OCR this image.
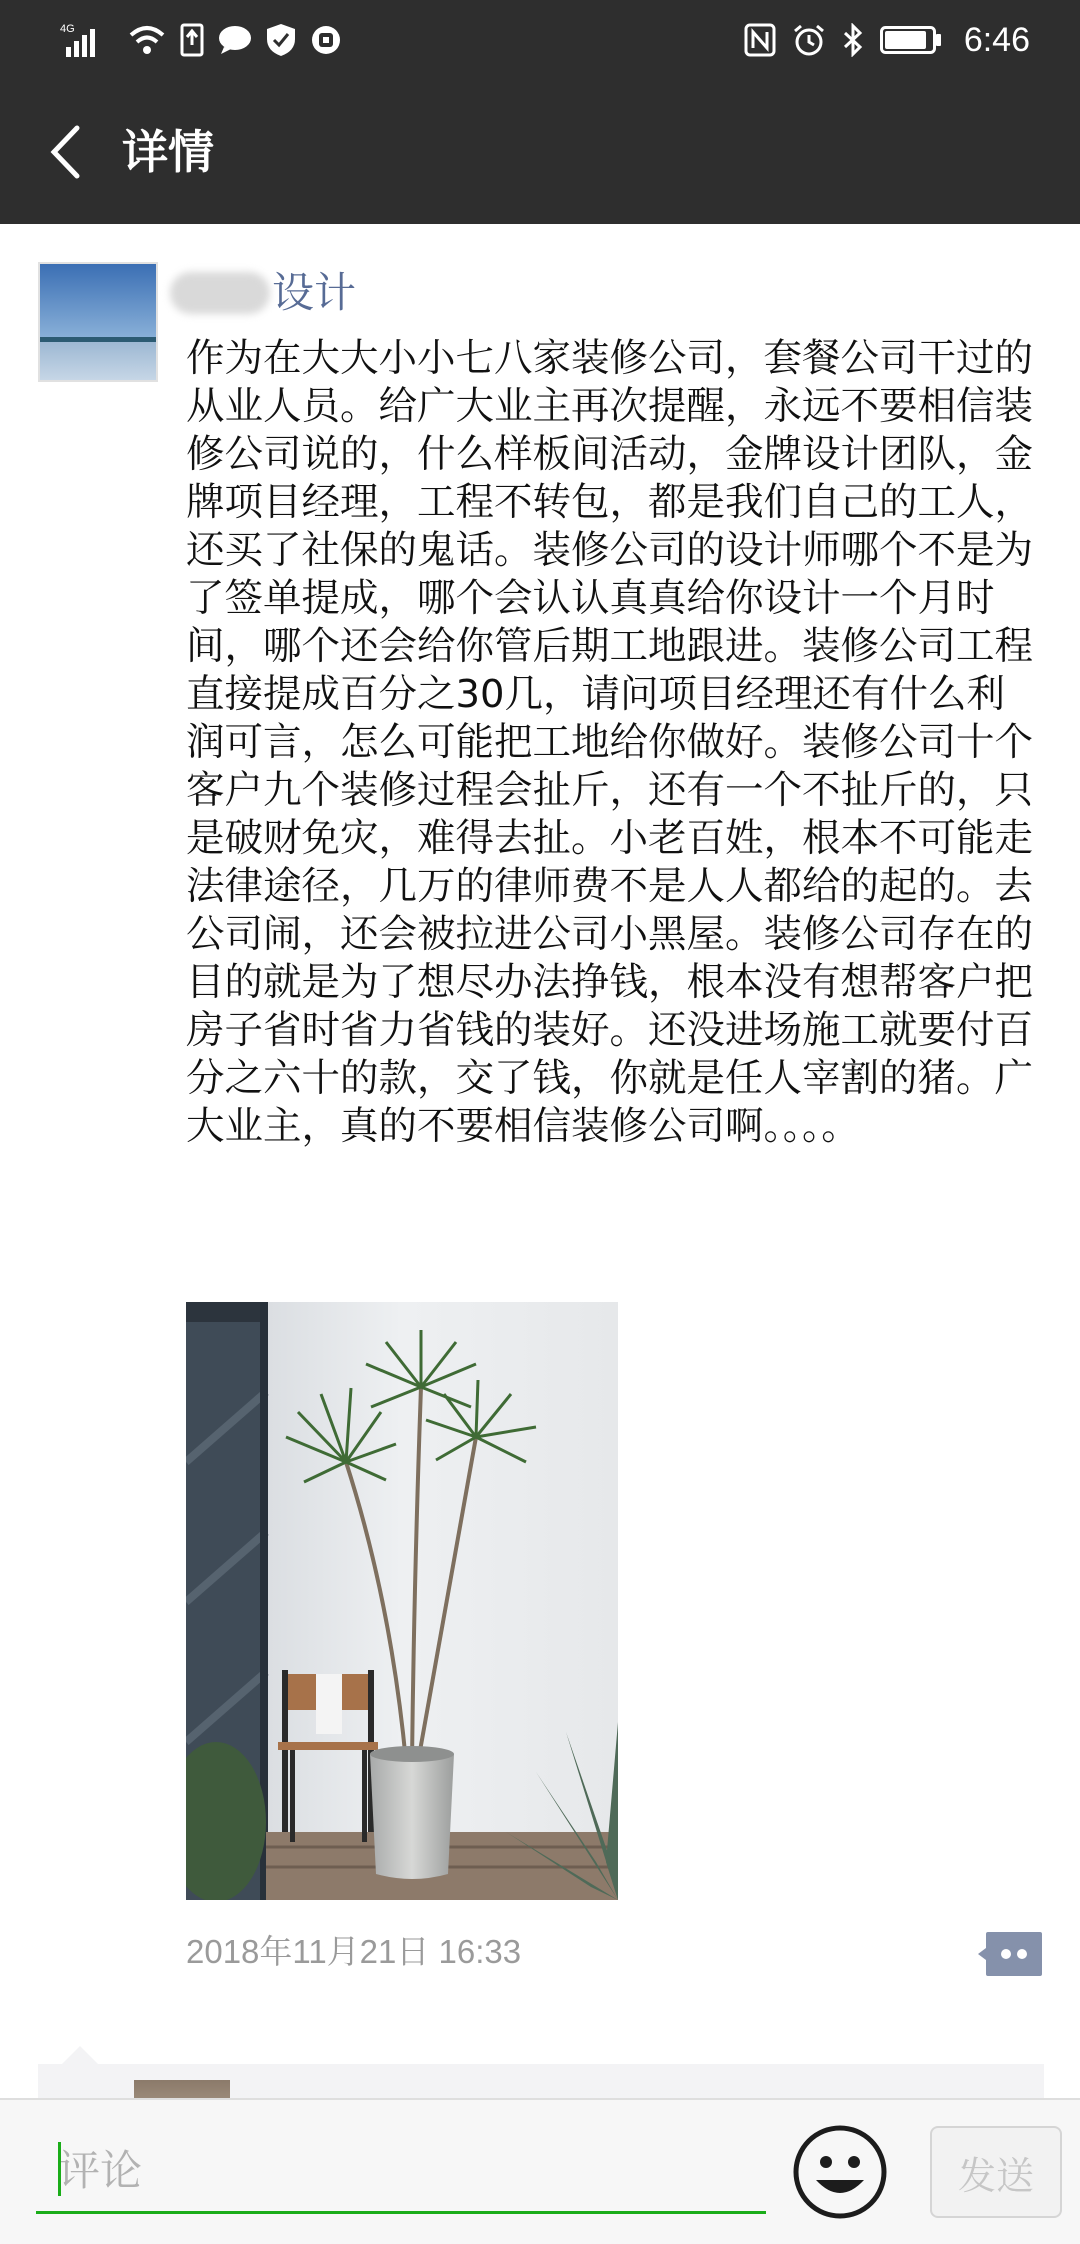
4G	6:46
详情
设计

作为在大大小小七八家装修公司，套餐公司干过的从业人员。给广大业主再次提醒，永远不要相信装修公司说的，什么样板间活动，金牌设计团队，金牌项目经理，工程不转包，都是我们自己的工人，还买了社保的鬼话。装修公司的设计师哪个不是为了签单提成，哪个会认认真真给你设计一个月时间，哪个还会给你管后期工地跟进。装修公司工程直接提成百分之30几，请问项目经理还有什么利润可言，怎么可能把工地给你做好。装修公司十个客户九个装修过程会扯斤，还有一个不扯斤的，只是破财免灾，难得去扯。小老百姓，根本不可能走法律途径，几万的律师费不是人人都给的起的。去公司闹，还会被拉进公司小黑屋。装修公司存在的目的就是为了想尽办法挣钱，根本没有想帮客户把房子省时省力省钱的装好。还没进场施工就要付百分之六十的款，交了钱，你就是任人宰割的猪。广大业主，真的不要相信装修公司啊。。。。

2018年11月21日 16:33
评论
发送
